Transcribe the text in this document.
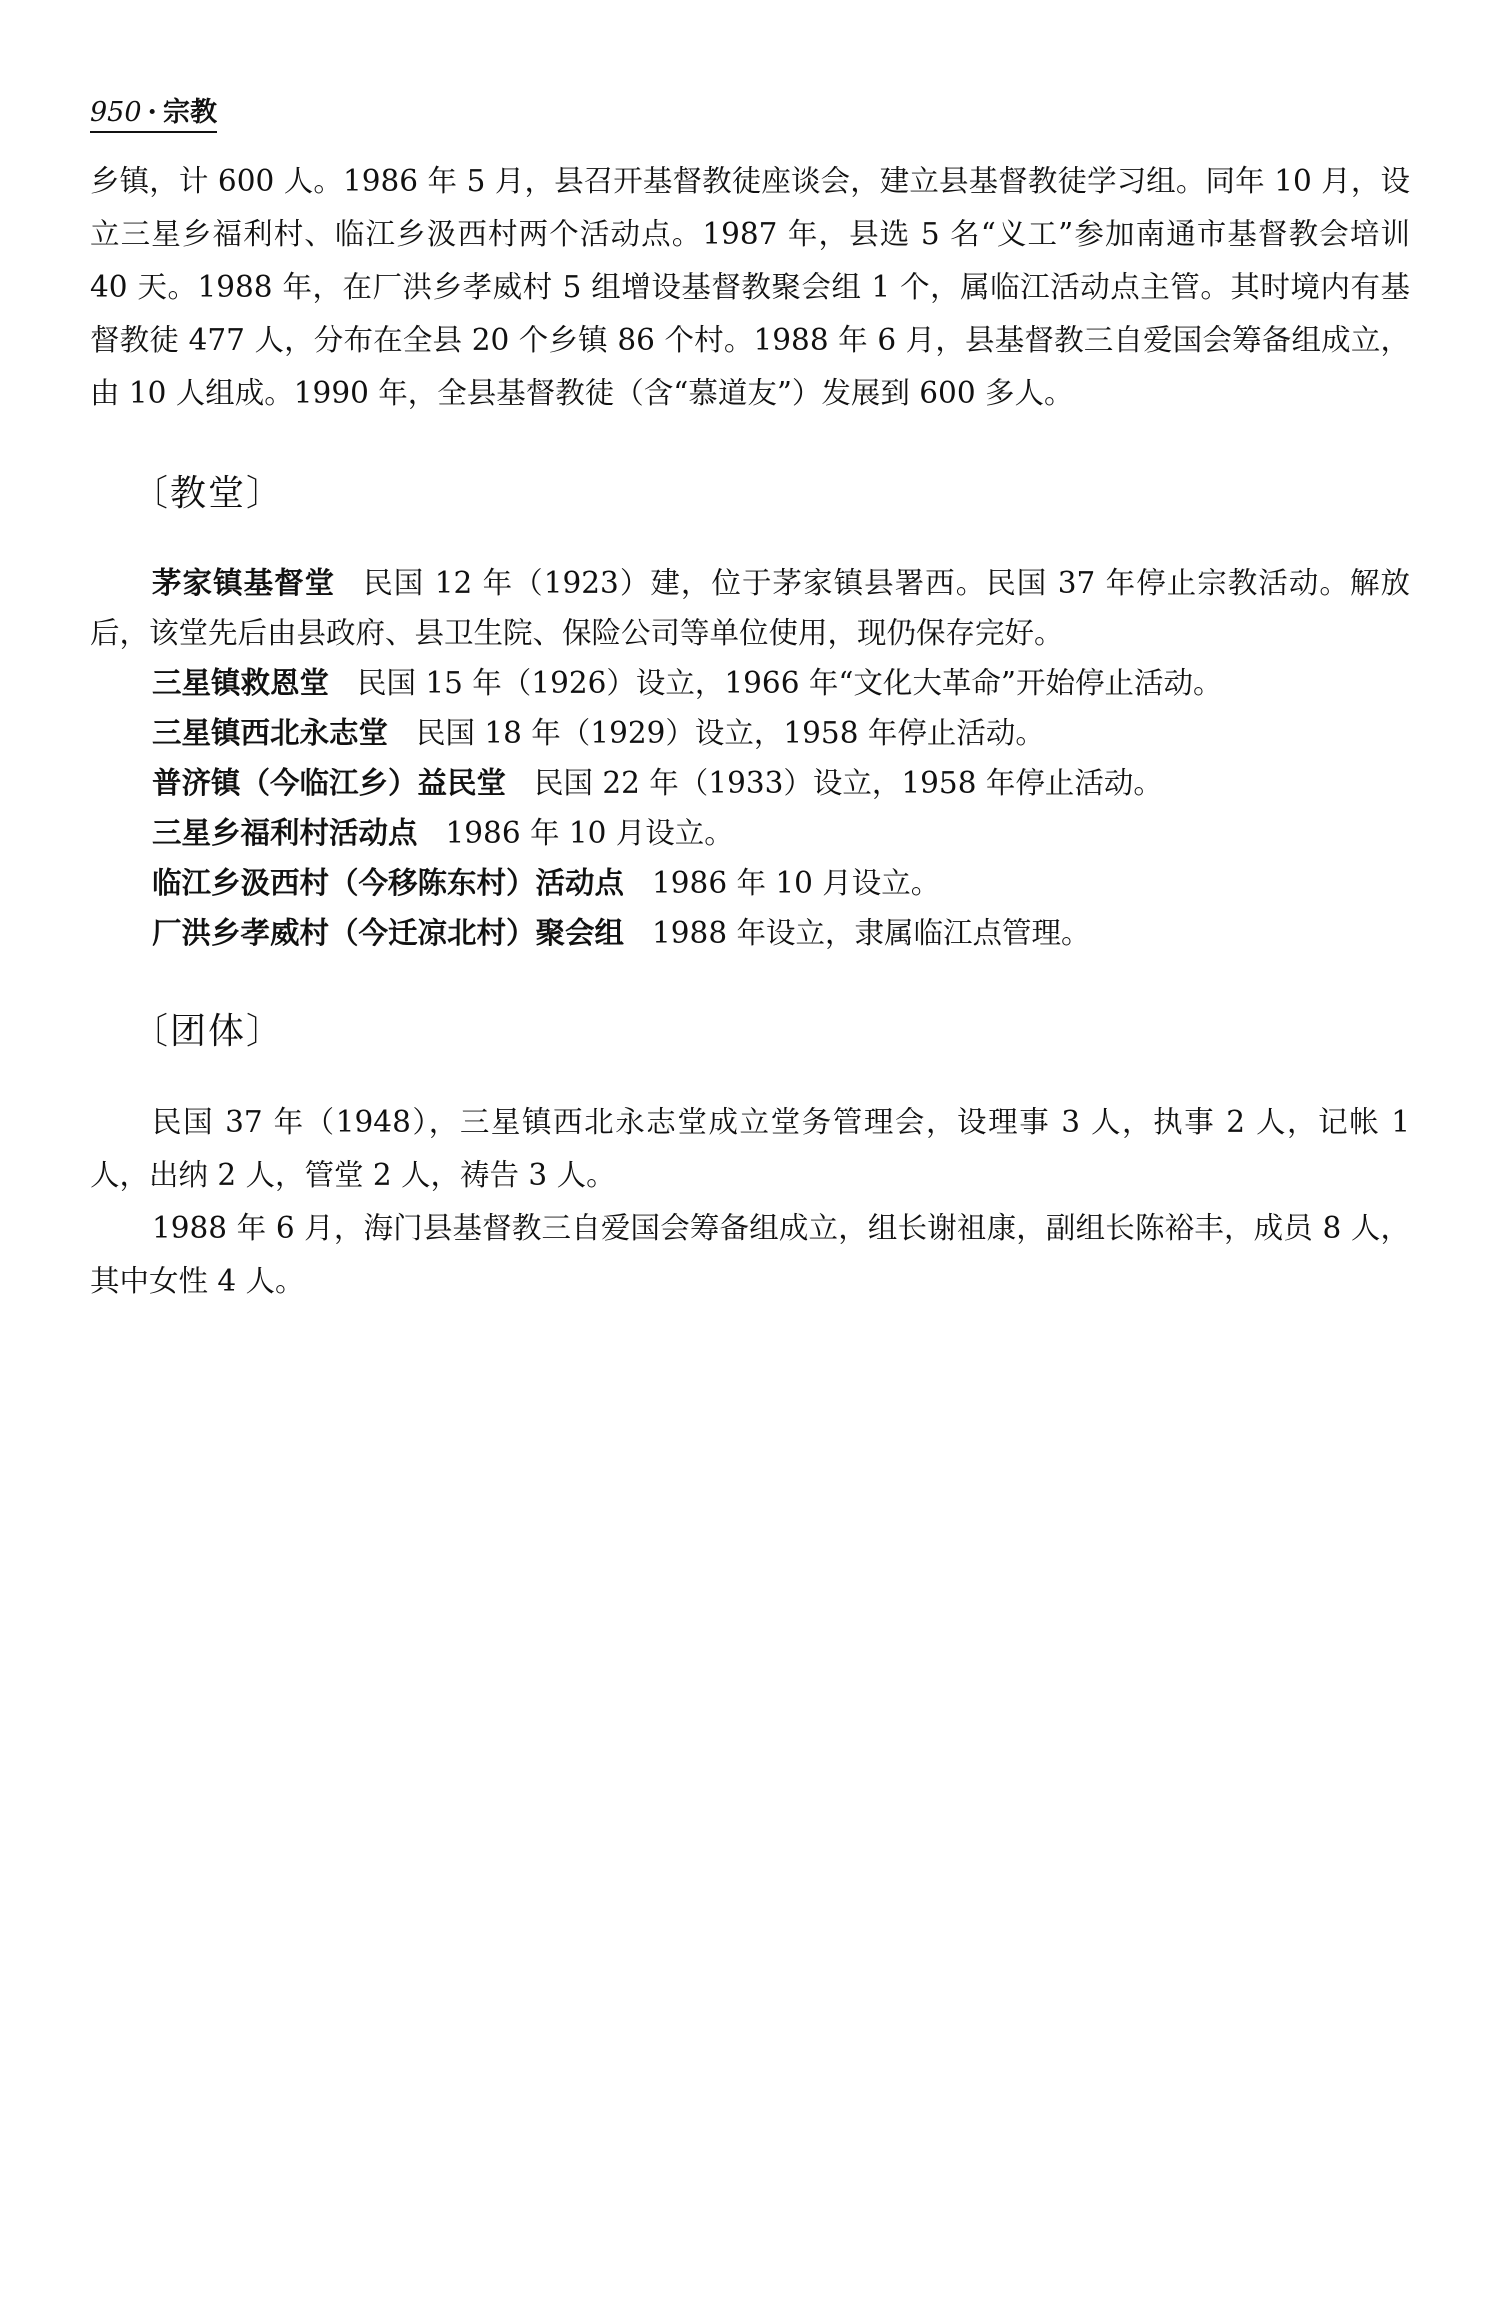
950 · 宗教

乡镇，计 600 人。1986 年 5 月，县召开基督教徒座谈会，建立县基督教徒学习组。同年 10 月，设立三星乡福利村、临江乡汲西村两个活动点。1987 年，县选 5 名“义工”参加南通市基督教会培训 40 天。1988 年，在厂洪乡孝威村 5 组增设基督教聚会组 1 个，属临江活动点主管。其时境内有基督教徒 477 人，分布在全县 20 个乡镇 86 个村。1988 年 6 月，县基督教三自爱国会筹备组成立，由 10 人组成。1990 年，全县基督教徒（含“慕道友”）发展到 600 多人。

〔教堂〕

茅家镇基督堂 民国 12 年（1923）建，位于茅家镇县署西。民国 37 年停止宗教活动。解放后，该堂先后由县政府、县卫生院、保险公司等单位使用，现仍保存完好。

三星镇救恩堂 民国 15 年（1926）设立，1966 年“文化大革命”开始停止活动。

三星镇西北永志堂 民国 18 年（1929）设立，1958 年停止活动。

普济镇（今临江乡）益民堂 民国 22 年（1933）设立，1958 年停止活动。

三星乡福利村活动点 1986 年 10 月设立。

临江乡汲西村（今移陈东村）活动点 1986 年 10 月设立。

厂洪乡孝威村（今迁凉北村）聚会组 1988 年设立，隶属临江点管理。

〔团体〕

民国 37 年（1948），三星镇西北永志堂成立堂务管理会，设理事 3 人，执事 2 人，记帐 1 人，出纳 2 人，管堂 2 人，祷告 3 人。

1988 年 6 月，海门县基督教三自爱国会筹备组成立，组长谢祖康，副组长陈裕丰，成员 8 人，其中女性 4 人。
